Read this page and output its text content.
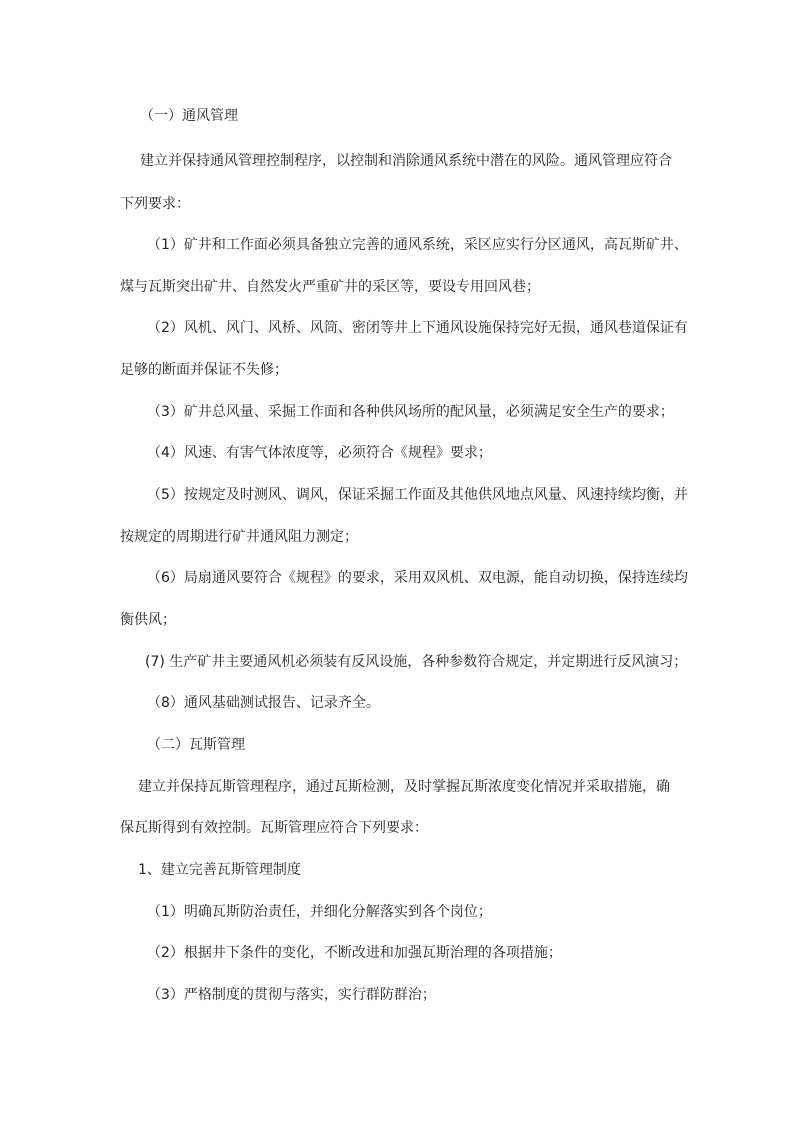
（一）通风管理
建立并保持通风管理控制程序，以控制和消除通风系统中潜在的风险。通风管理应符合
下列要求：
（1）矿井和工作面必须具备独立完善的通风系统，采区应实行分区通风，高瓦斯矿井、
煤与瓦斯突出矿井、自然发火严重矿井的采区等，要设专用回风巷；
（2）风机、风门、风桥、风筒、密闭等井上下通风设施保持完好无损，通风巷道保证有
足够的断面并保证不失修；
（3）矿井总风量、采掘工作面和各种供风场所的配风量，必须满足安全生产的要求；
（4）风速、有害气体浓度等，必须符合《规程》要求；
（5）按规定及时测风、调风，保证采掘工作面及其他供风地点风量、风速持续均衡，并
按规定的周期进行矿井通风阻力测定；
（6）局扇通风要符合《规程》的要求，采用双风机、双电源，能自动切换，保持连续均
衡供风；
(7) 生产矿井主要通风机必须装有反风设施，各种参数符合规定，并定期进行反风演习；
（8）通风基础测试报告、记录齐全。
（二）瓦斯管理
建立并保持瓦斯管理程序，通过瓦斯检测，及时掌握瓦斯浓度变化情况并采取措施，确
保瓦斯得到有效控制。瓦斯管理应符合下列要求：
1、建立完善瓦斯管理制度
（1）明确瓦斯防治责任，并细化分解落实到各个岗位；
（2）根据井下条件的变化，不断改进和加强瓦斯治理的各项措施；
（3）严格制度的贯彻与落实，实行群防群治；
